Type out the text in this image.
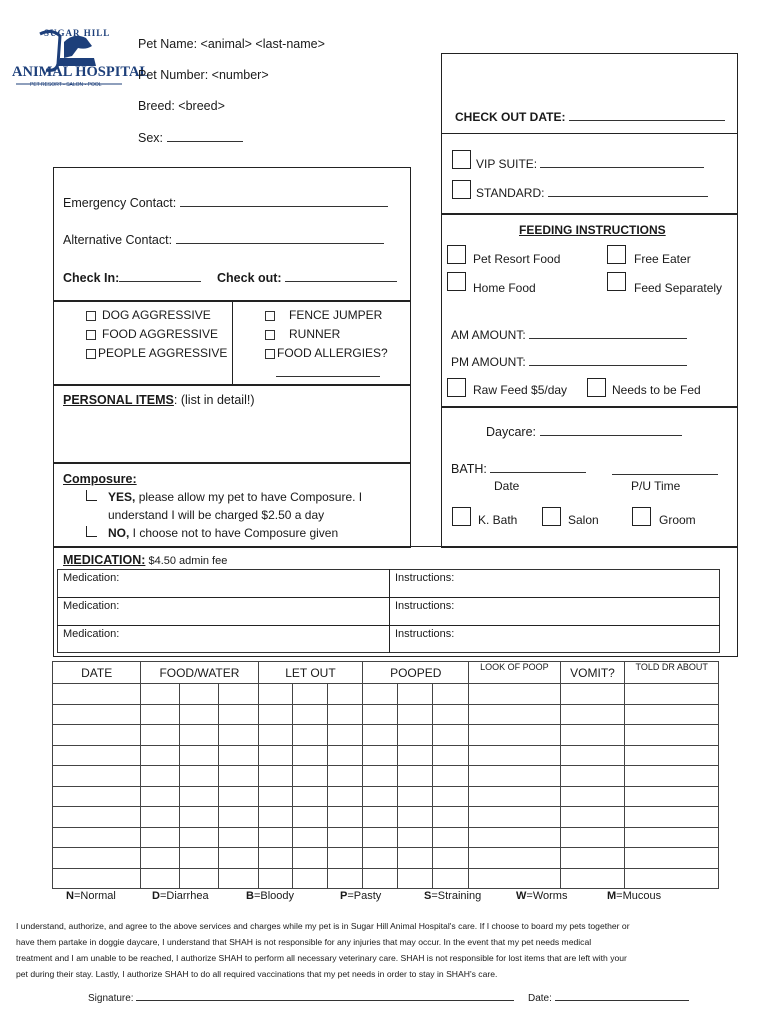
SUGAR HILL
ANIMAL HOSPITAL
PET RESORT • SALON • POOL
Pet Name: <animal> <last-name>
Pet Number: <number>
Breed: <breed>
Sex:
CHECK OUT DATE:
VIP SUITE:
STANDARD:
Emergency Contact:
Alternative Contact:
Check In:	Check out:
DOG AGGRESSIVE
FOOD AGGRESSIVE
PEOPLE AGGRESSIVE
FENCE JUMPER
RUNNER
FOOD ALLERGIES?
PERSONAL ITEMS: (list in detail!)
Composure:
YES, please allow my pet to have Composure. I
understand I will be charged $2.50 a day
NO, I choose not to have Composure given
FEEDING INSTRUCTIONS
Pet Resort Food	Free Eater
Home Food	Feed Separately
AM AMOUNT:
PM AMOUNT:
Raw Feed $5/day	Needs to be Fed
Daycare:
BATH:
Date	P/U Time
K. Bath	Salon	Groom
MEDICATION: $4.50 admin fee
Medication:	Instructions:
Medication:	Instructions:
Medication:	Instructions:
DATE	FOOD/WATER			LET OUT			POOPED			LOOK OF POOP	VOMIT?	TOLD DR ABOUT

N=Normal	D=Diarrhea	B=Bloody	P=Pasty	S=Straining	W=Worms	M=Mucous
I understand, authorize, and agree to the above services and charges while my pet is in Sugar Hill Animal Hospital's care. If I choose to board my pets together or
have them partake in doggie daycare, I understand that SHAH is not responsible for any injuries that may occur. In the event that my pet needs medical
treatment and I am unable to be reached, I authorize SHAH to perform all necessary veterinary care. SHAH is not responsible for lost items that are left with your
pet during their stay. Lastly, I authorize SHAH to do all required vaccinations that my pet needs in order to stay in SHAH's care.
Signature:	Date:
